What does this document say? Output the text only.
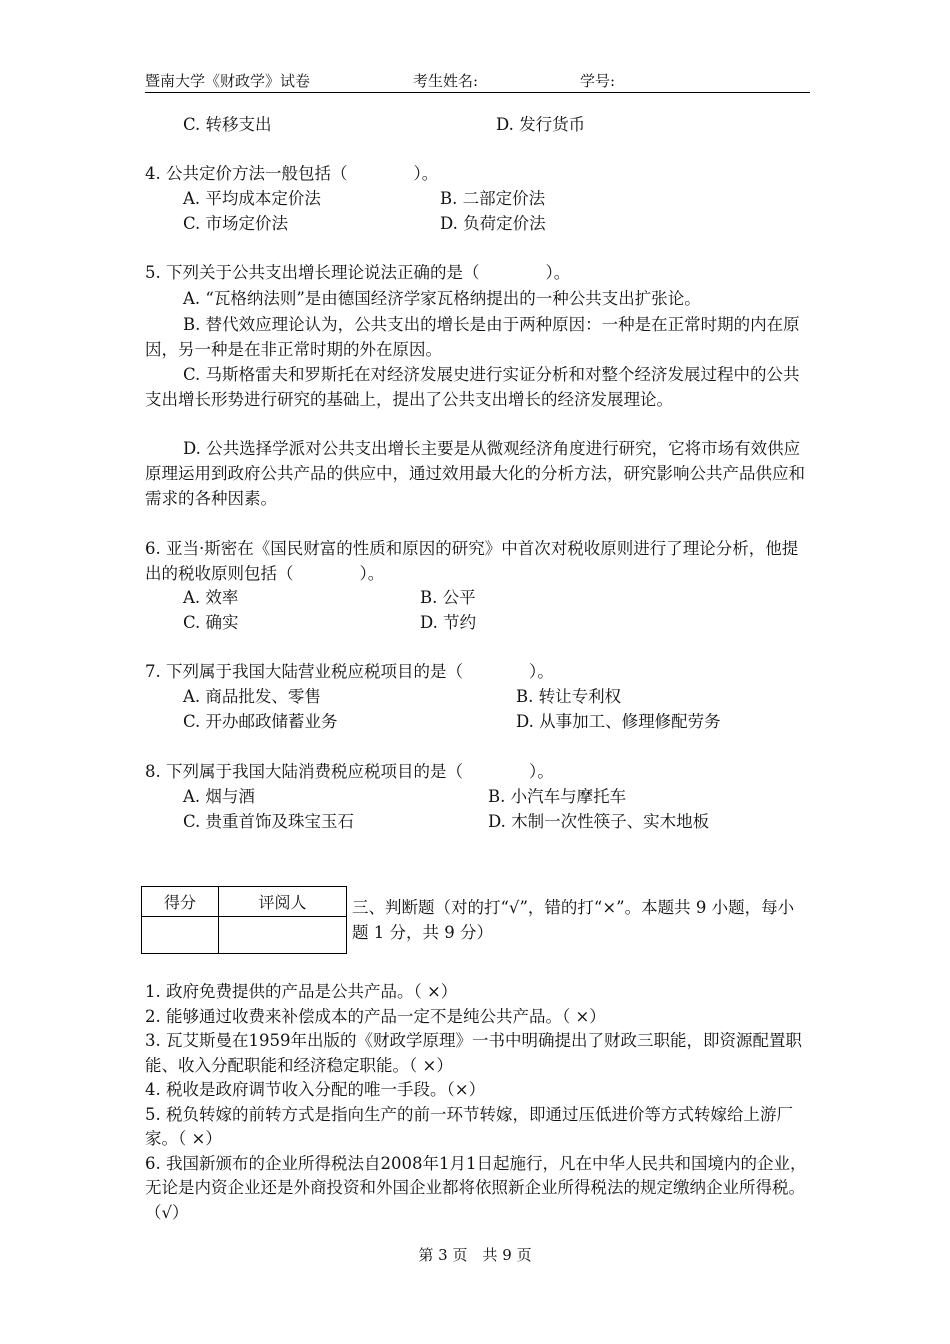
暨南大学《财政学》试卷	考生姓名:	学号:
C. 转移支出	D. 发行货币
4. 公共定价方法一般包括（　　　　）。
A. 平均成本定价法	B. 二部定价法
C. 市场定价法	D. 负荷定价法
5. 下列关于公共支出增长理论说法正确的是（　　　　）。
A. “瓦格纳法则”是由德国经济学家瓦格纳提出的一种公共支出扩张论。
B. 替代效应理论认为，公共支出的增长是由于两种原因：一种是在正常时期的内在原因，另一种是在非正常时期的外在原因。
C. 马斯格雷夫和罗斯托在对经济发展史进行实证分析和对整个经济发展过程中的公共支出增长形势进行研究的基础上，提出了公共支出增长的经济发展理论。
D. 公共选择学派对公共支出增长主要是从微观经济角度进行研究，它将市场有效供应原理运用到政府公共产品的供应中，通过效用最大化的分析方法，研究影响公共产品供应和需求的各种因素。
6. 亚当·斯密在《国民财富的性质和原因的研究》中首次对税收原则进行了理论分析，他提出的税收原则包括（　　　　）。
A. 效率	B. 公平
C. 确实	D. 节约
7. 下列属于我国大陆营业税应税项目的是（　　　　）。
A. 商品批发、零售	B. 转让专利权
C. 开办邮政储蓄业务	D. 从事加工、修理修配劳务
8. 下列属于我国大陆消费税应税项目的是（　　　　）。
A. 烟与酒	B. 小汽车与摩托车
C. 贵重首饰及珠宝玉石	D. 木制一次性筷子、实木地板
得分	评阅人
		三、判断题（对的打“√”，错的打“×”。本题共 9 小题，每小题 1 分，共 9 分）
1. 政府免费提供的产品是公共产品。（ ×）
2. 能够通过收费来补偿成本的产品一定不是纯公共产品。（ ×）
3. 瓦艾斯曼在1959年出版的《财政学原理》一书中明确提出了财政三职能，即资源配置职能、收入分配职能和经济稳定职能。（ ×）
4. 税收是政府调节收入分配的唯一手段。（×）
5. 税负转嫁的前转方式是指向生产的前一环节转嫁，即通过压低进价等方式转嫁给上游厂家。（ ×）
6. 我国新颁布的企业所得税法自2008年1月1日起施行，凡在中华人民共和国境内的企业，无论是内资企业还是外商投资和外国企业都将依照新企业所得税法的规定缴纳企业所得税。（√）
第 3 页　共 9 页
